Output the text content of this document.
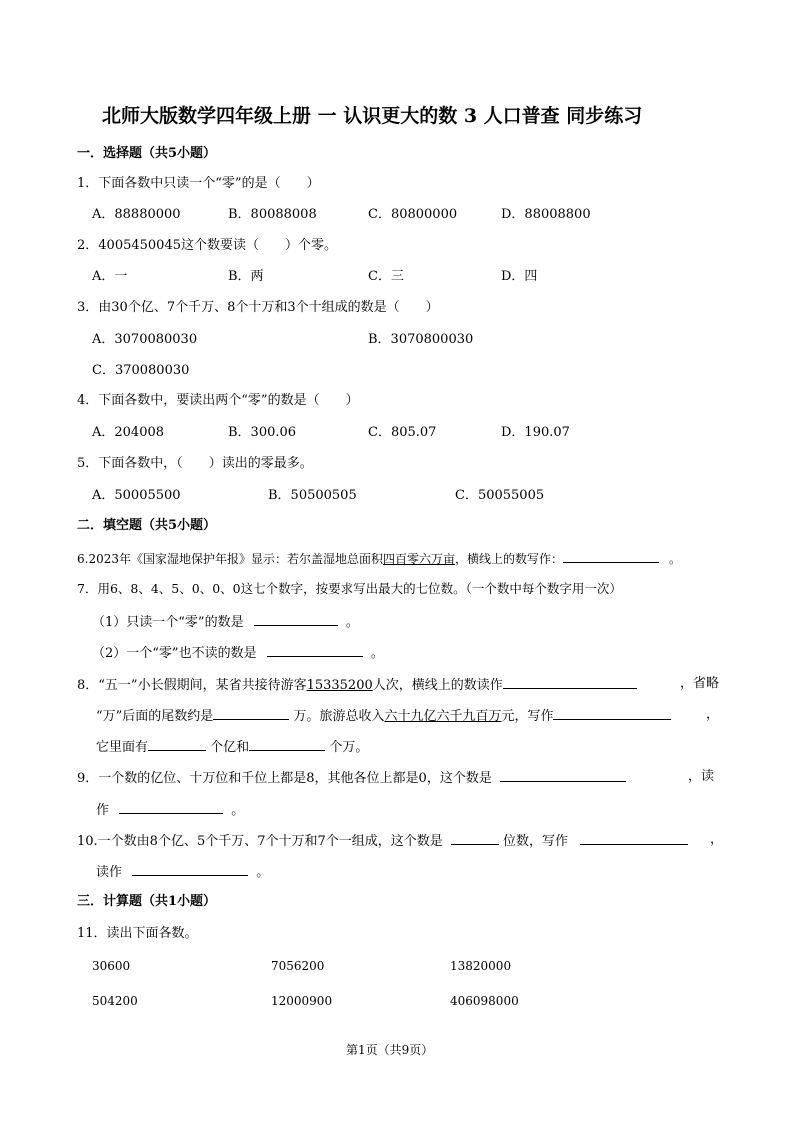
北师大版数学四年级上册 一 认识更大的数 3 人口普查 同步练习
一．选择题（共5小题）
1．下面各数中只读一个“零”的是（　　）
A．88880000	B．80088008	C．80800000	D．88008800
2．4005450045这个数要读（　　）个零。
A．一	B．两	C．三	D．四
3．由30个亿、7个千万、8个十万和3个十组成的数是（　　）
A．3070080030	B．3070800030
C．370080030
4．下面各数中，要读出两个“零”的数是（　　）
A．204008	B．300.06	C．805.07	D．190.07
5．下面各数中，（　　）读出的零最多。
A．50005500	B．50500505	C．50055005
二．填空题（共5小题）
6.2023年《国家湿地保护年报》显示：若尔盖湿地总面积四百零六万亩，横线上的数写作：	。
7．用6、8、4、5、0、0、0这七个数字，按要求写出最大的七位数。（一个数中每个数字用一次）
（1）只读一个“零”的数是	。
（2）一个“零”也不读的数是	。
8．“五一”小长假期间，某省共接待游客15335200人次，横线上的数读作	，省略
“万”后面的尾数约是	万。旅游总收入六十九亿六千九百万元，写作	，
它里面有	个亿和	个万。
9．一个数的亿位、十万位和千位上都是8，其他各位上都是0，这个数是	，读
作	。
10.一个数由8个亿、5个千万、7个十万和7个一组成，这个数是	位数，写作	，
读作	。
三．计算题（共1小题）
11．读出下面各数。
30600	7056200	13820000
504200	12000900	406098000
第1页（共9页）
